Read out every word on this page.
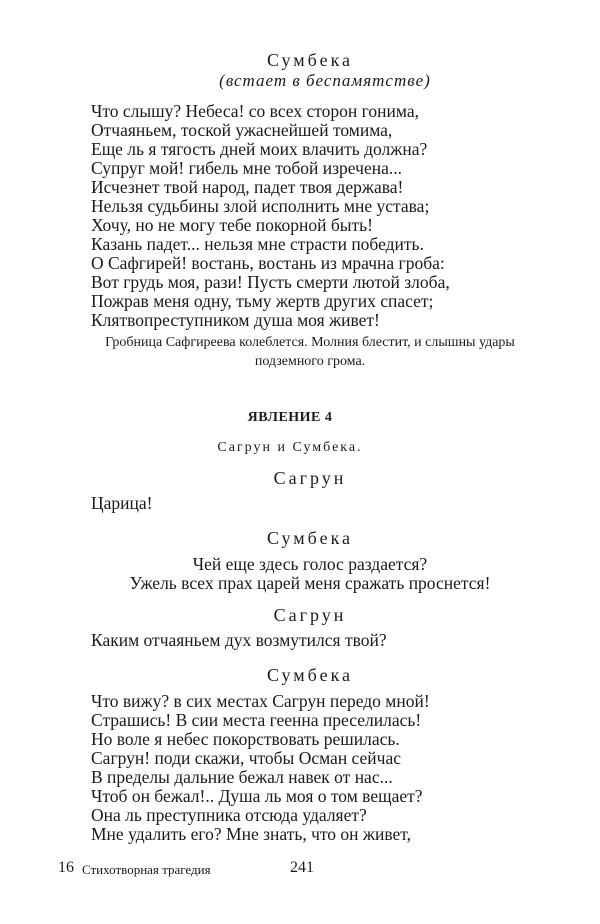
Сумбека
(встает в беспамятстве)
Что слышу? Небеса! со всех сторон гонима,
Отчаяньем, тоской ужаснейшей томима,
Еще ль я тягость дней моих влачить должна?
Супруг мой! гибель мне тобой изречена...
Исчезнет твой народ, падет твоя держава!
Нельзя судьбины злой исполнить мне устава;
Хочу, но не могу тебе покорной быть!
Казань падет... нельзя мне страсти победить.
О Сафгирей! востань, востань из мрачна гроба:
Вот грудь моя, рази! Пусть смерти лютой злоба,
Пожрав меня одну, тьму жертв других спасет;
Клятвопреступником душа моя живет!
Гробница Сафгиреева колеблется. Молния блестит, и слышны удары
подземного грома.
ЯВЛЕНИЕ 4
Сагрун и Сумбека.
Сагрун
Царица!
Сумбека
Чей еще здесь голос раздается?
Ужель всех прах царей меня сражать проснется!
Сагрун
Каким отчаяньем дух возмутился твой?
Сумбека
Что вижу? в сих местах Сагрун передо мной!
Страшись! В сии места геенна преселилась!
Но воле я небес покорствовать решилась.
Сагрун! поди скажи, чтобы Осман сейчас
В пределы дальние бежал навек от нас...
Чтоб он бежал!.. Душа ль моя о том вещает?
Она ль преступника отсюда удаляет?
Мне удалить его? Мне знать, что он живет,
16 Стихотворная трагедия	241
